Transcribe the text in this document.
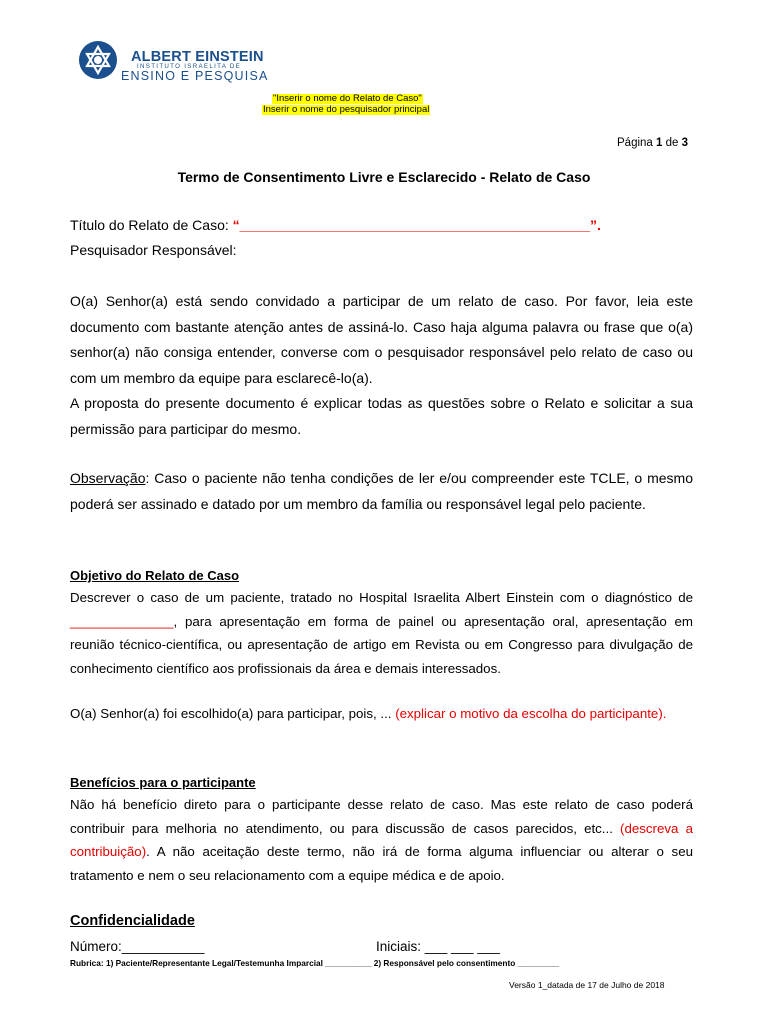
ALBERT EINSTEIN
INSTITUTO ISRAELITA DE
ENSINO E PESQUISA
"Inserir o nome do Relato de Caso"
Inserir o nome do pesquisador principal
Página 1 de 3
Termo de Consentimento Livre e Esclarecido - Relato de Caso
Título do Relato de Caso: “_____________________________________________”.
Pesquisador Responsável:

O(a) Senhor(a) está sendo convidado a participar de um relato de caso. Por favor, leia este documento com bastante atenção antes de assiná-lo. Caso haja alguma palavra ou frase que o(a) senhor(a) não consiga entender, converse com o pesquisador responsável pelo relato de caso ou com um membro da equipe para esclarecê-lo(a).

A proposta do presente documento é explicar todas as questões sobre o Relato e solicitar a sua permissão para participar do mesmo.

Observação: Caso o paciente não tenha condições de ler e/ou compreender este TCLE, o mesmo poderá ser assinado e datado por um membro da família ou responsável legal pelo paciente.
Objetivo do Relato de Caso
Descrever o caso de um paciente, tratado no Hospital Israelita Albert Einstein com o diagnóstico de ______________, para apresentação em forma de painel ou apresentação oral, apresentação em reunião técnico-científica, ou apresentação de artigo em Revista ou em Congresso para divulgação de conhecimento científico aos profissionais da área e demais interessados.
O(a) Senhor(a) foi escolhido(a) para participar, pois, ... (explicar o motivo da escolha do participante).
Benefícios para o participante
Não há benefício direto para o participante desse relato de caso. Mas este relato de caso poderá contribuir para melhoria no atendimento, ou para discussão de casos parecidos, etc... (descreva a contribuição). A não aceitação deste termo, não irá de forma alguma influenciar ou alterar o seu tratamento e nem o seu relacionamento com a equipe médica e de apoio.
Confidencialidade
Número:___________	Iniciais: ___ ___ ___
Rubrica: 1) Paciente/Representante Legal/Testemunha Imparcial __________ 2) Responsável pelo consentimento _________
Versão 1_datada de 17 de Julho de 2018
